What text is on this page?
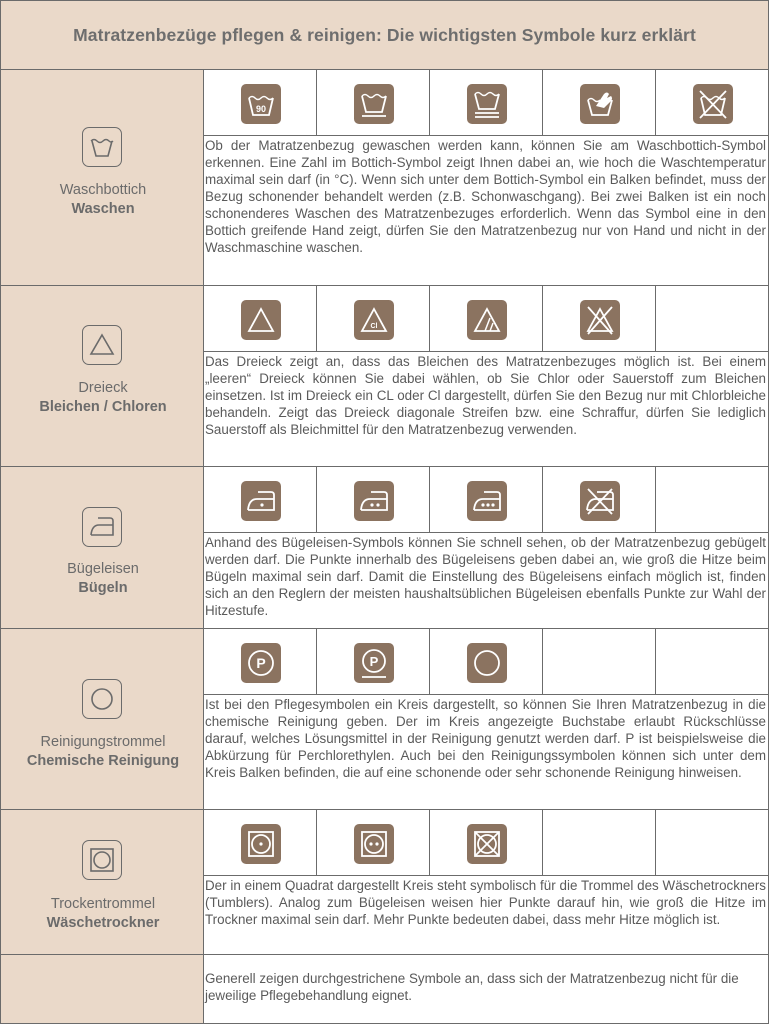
Matratzenbezüge pflegen & reinigen: Die wichtigsten Symbole kurz erklärt
Waschbottich
Waschen
90
Ob der Matratzenbezug gewaschen werden kann, können Sie am Waschbottich-Symbol erkennen. Eine Zahl im Bottich-Symbol zeigt Ihnen dabei an, wie hoch die Waschtemperatur maximal sein darf (in °C). Wenn sich unter dem Bottich-Symbol ein Balken befindet, muss der Bezug schonender behandelt werden (z.B. Schonwaschgang). Bei zwei Balken ist ein noch schonenderes Waschen des Matratzenbezuges erforderlich. Wenn das Symbol eine in den Bottich greifende Hand zeigt, dürfen Sie den Matratzenbezug nur von Hand und nicht in der Waschmaschine waschen.
Dreieck
Bleichen / Chloren
Cl
Das Dreieck zeigt an, dass das Bleichen des Matratzenbezuges möglich ist. Bei einem „leeren“ Dreieck können Sie dabei wählen, ob Sie Chlor oder Sauerstoff zum Bleichen einsetzen. Ist im Dreieck ein CL oder Cl dargestellt, dürfen Sie den Bezug nur mit Chlorbleiche behandeln. Zeigt das Dreieck diagonale Streifen bzw. eine Schraffur, dürfen Sie lediglich Sauerstoff als Bleichmittel für den Matratzenbezug verwenden.
Bügeleisen
Bügeln
Anhand des Bügeleisen-Symbols können Sie schnell sehen, ob der Matratzenbezug gebügelt werden darf. Die Punkte innerhalb des Bügeleisens geben dabei an, wie groß die Hitze beim Bügeln maximal sein darf. Damit die Einstellung des Bügeleisens einfach möglich ist, finden sich an den Reglern der meisten haushaltsüblichen Bügeleisen ebenfalls Punkte zur Wahl der Hitzestufe.
Reinigungstrommel
Chemische Reinigung
P	P
Ist bei den Pflegesymbolen ein Kreis dargestellt, so können Sie Ihren Matratzenbezug in die chemische Reinigung geben. Der im Kreis angezeigte Buchstabe erlaubt Rückschlüsse darauf, welches Lösungsmittel in der Reinigung genutzt werden darf. P ist beispielsweise die Abkürzung für Perchlorethylen. Auch bei den Reinigungssymbolen können sich unter dem Kreis Balken befinden, die auf eine schonende oder sehr schonende Reinigung hinweisen.
Trockentrommel
Wäschetrockner
Der in einem Quadrat dargestellt Kreis steht symbolisch für die Trommel des Wäschetrockners (Tumblers). Analog zum Bügeleisen weisen hier Punkte darauf hin, wie groß die Hitze im Trockner maximal sein darf. Mehr Punkte bedeuten dabei, dass mehr Hitze möglich ist.
Generell zeigen durchgestrichene Symbole an, dass sich der Matratzenbezug nicht für die jeweilige Pflegebehandlung eignet.
